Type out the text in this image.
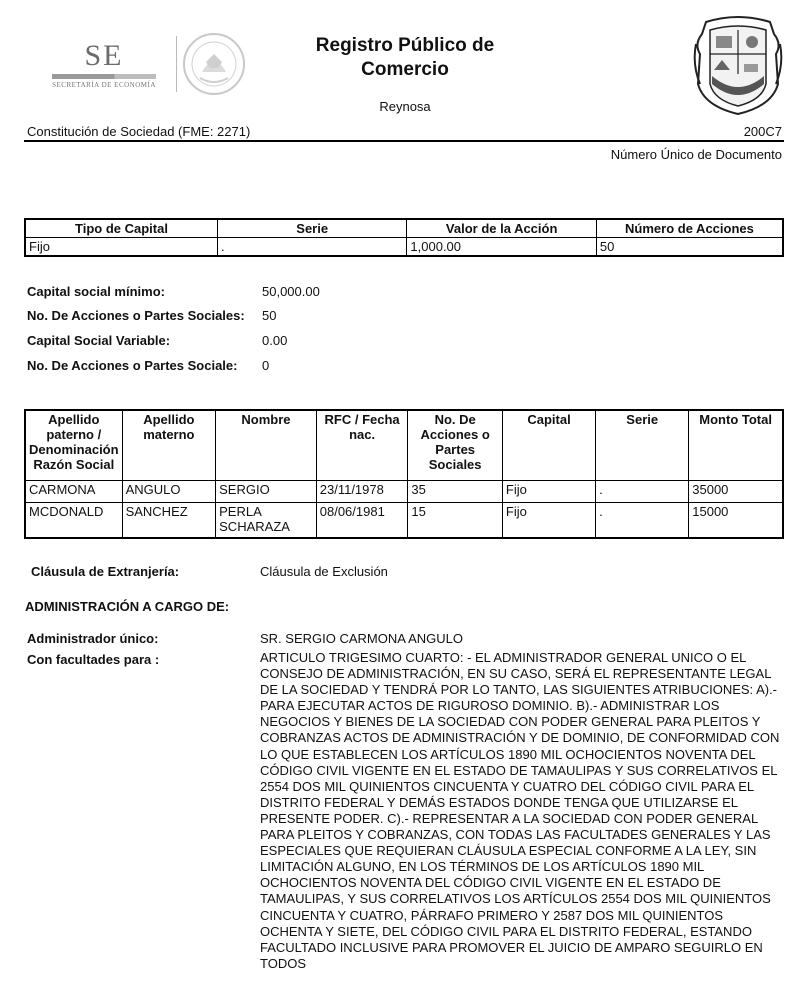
SE
SECRETARÍA DE ECONOMÍA
Registro Público de
Comercio
Reynosa
Constitución de Sociedad (FME: 2271)	200C7
Número Único de Documento
Tipo de Capital	Serie	Valor de la Acción	Número de Acciones
Fijo	.	1,000.00	50
Capital social mínimo:	50,000.00
No. De Acciones o Partes Sociales: 50
Capital Social Variable:	0.00
No. De Acciones o Partes Sociale: 0
Apellido paterno / Denominación Razón Social	Apellido materno	Nombre	RFC / Fecha nac.	No. De Acciones o Partes Sociales	Capital	Serie	Monto Total
CARMONA	ANGULO	SERGIO	23/11/1978	35	Fijo	.	35000
MCDONALD	SANCHEZ	PERLA SCHARAZA	08/06/1981	15	Fijo	.	15000
Cláusula de Extranjería:	Cláusula de Exclusión
ADMINISTRACIÓN A CARGO DE:
Administrador único:	SR. SERGIO CARMONA ANGULO
Con facultades para :	ARTICULO TRIGESIMO CUARTO: - EL ADMINISTRADOR GENERAL UNICO O EL CONSEJO DE ADMINISTRACIÓN, EN SU CASO, SERÁ EL REPRESENTANTE LEGAL DE LA SOCIEDAD Y TENDRÁ POR LO TANTO, LAS SIGUIENTES ATRIBUCIONES: A).- PARA EJECUTAR ACTOS DE RIGUROSO DOMINIO. B).- ADMINISTRAR LOS NEGOCIOS Y BIENES DE LA SOCIEDAD CON PODER GENERAL PARA PLEITOS Y COBRANZAS ACTOS DE ADMINISTRACIÓN Y DE DOMINIO, DE CONFORMIDAD CON LO QUE ESTABLECEN LOS ARTÍCULOS 1890 MIL OCHOCIENTOS NOVENTA DEL CÓDIGO CIVIL VIGENTE EN EL ESTADO DE TAMAULIPAS Y SUS CORRELATIVOS EL 2554 DOS MIL QUINIENTOS CINCUENTA Y CUATRO DEL CÓDIGO CIVIL PARA EL DISTRITO FEDERAL Y DEMÁS ESTADOS DONDE TENGA QUE UTILIZARSE EL PRESENTE PODER. C).- REPRESENTAR A LA SOCIEDAD CON PODER GENERAL PARA PLEITOS Y COBRANZAS, CON TODAS LAS FACULTADES GENERALES Y LAS ESPECIALES QUE REQUIERAN CLÁUSULA ESPECIAL CONFORME A LA LEY, SIN LIMITACIÓN ALGUNO, EN LOS TÉRMINOS DE LOS ARTÍCULOS 1890 MIL OCHOCIENTOS NOVENTA DEL CÓDIGO CIVIL VIGENTE EN EL ESTADO DE TAMAULIPAS, Y SUS CORRELATIVOS LOS ARTÍCULOS 2554 DOS MIL QUINIENTOS CINCUENTA Y CUATRO, PÁRRAFO PRIMERO Y 2587 DOS MIL QUINIENTOS OCHENTA Y SIETE, DEL CÓDIGO CIVIL PARA EL DISTRITO FEDERAL, ESTANDO FACULTADO INCLUSIVE PARA PROMOVER EL JUICIO DE AMPARO SEGUIRLO EN TODOS
